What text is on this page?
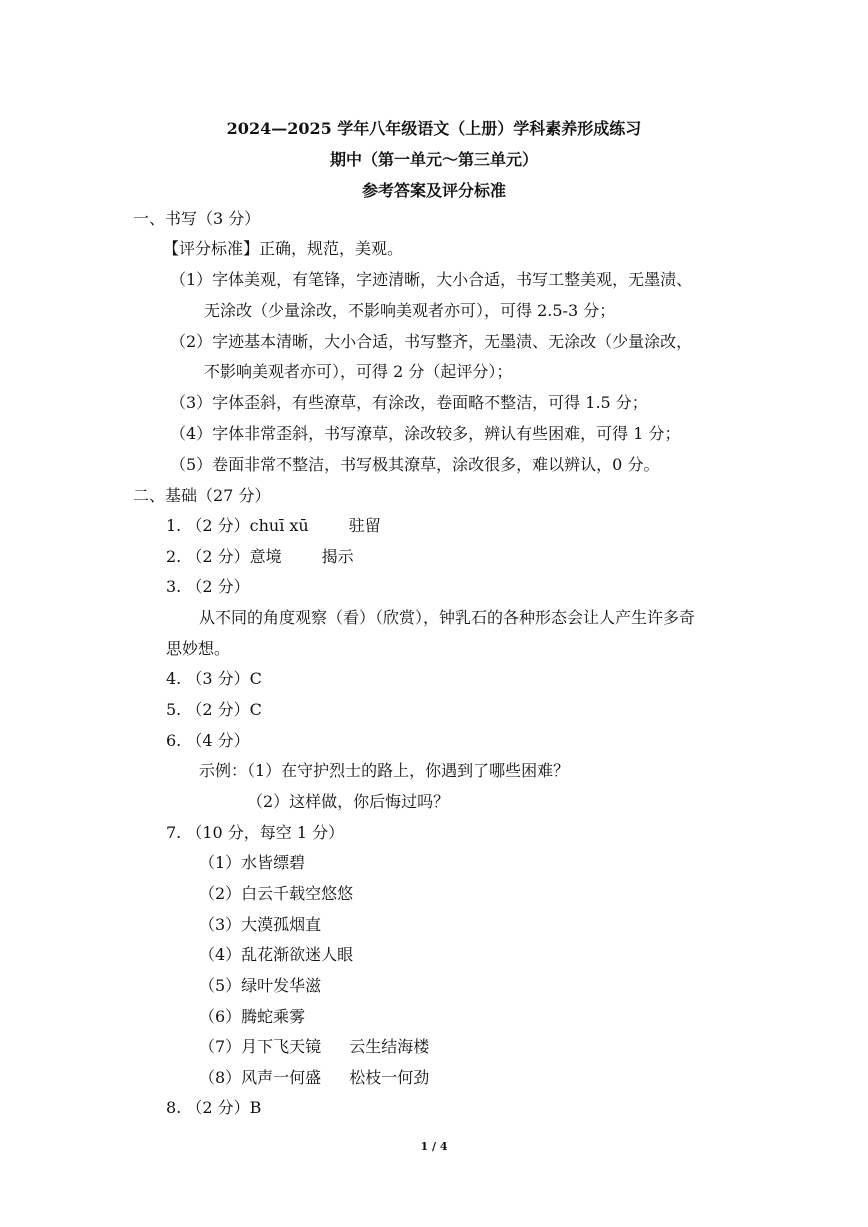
2024—2025 学年八年级语文（上册）学科素养形成练习
期中（第一单元～第三单元）
参考答案及评分标准
一、书写（3 分）
【评分标准】正确，规范，美观。
（1）字体美观，有笔锋，字迹清晰，大小合适，书写工整美观，无墨渍、
无涂改（少量涂改，不影响美观者亦可），可得 2.5-3 分；
（2）字迹基本清晰，大小合适，书写整齐，无墨渍、无涂改（少量涂改，
不影响美观者亦可），可得 2 分（起评分）；
（3）字体歪斜，有些潦草，有涂改，卷面略不整洁，可得 1.5 分；
（4）字体非常歪斜，书写潦草，涂改较多，辨认有些困难，可得 1 分；
（5）卷面非常不整洁，书写极其潦草，涂改很多，难以辨认，0 分。
二、基础（27 分）
1. （2 分）chuī xū	驻留
2. （2 分）意境	揭示
3. （2 分）
从不同的角度观察（看）（欣赏），钟乳石的各种形态会让人产生许多奇
思妙想。
4. （3 分）C
5. （2 分）C
6. （4 分）
示例：（1）在守护烈士的路上，你遇到了哪些困难？
（2）这样做，你后悔过吗？
7. （10 分，每空 1 分）
（1）水皆缥碧
（2）白云千载空悠悠
（3）大漠孤烟直
（4）乱花渐欲迷人眼
（5）绿叶发华滋
（6）腾蛇乘雾
（7）月下飞天镜 云生结海楼
（8）风声一何盛 松枝一何劲
8. （2 分）B
1 / 4
